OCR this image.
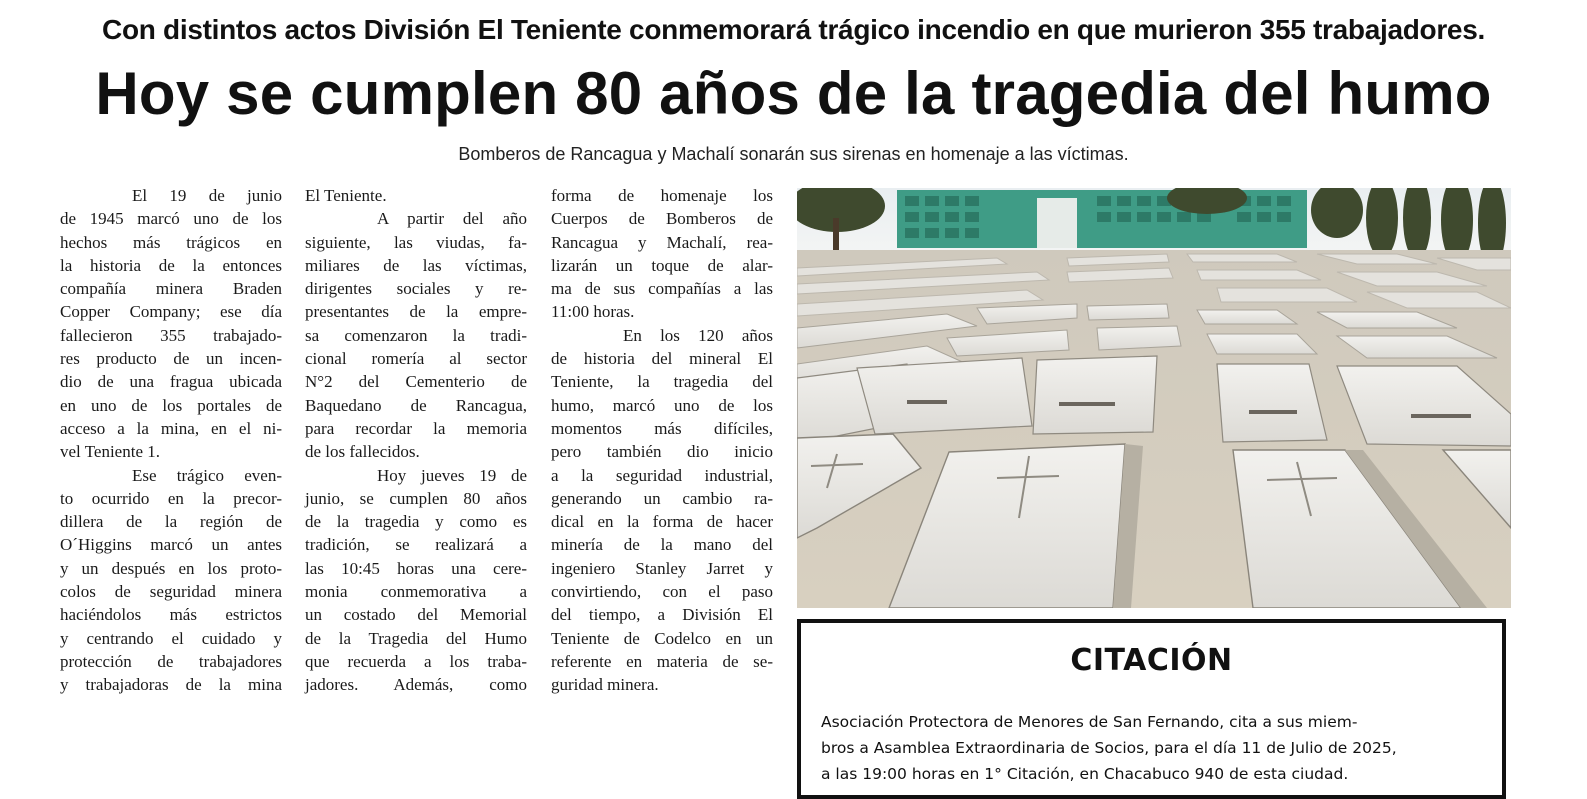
Con distintos actos División El Teniente conmemorará trágico incendio en que murieron 355 trabajadores.
Hoy se cumplen 80 años de la tragedia del humo
Bomberos de Rancagua y Machalí sonarán sus sirenas en homenaje a las víctimas.
El 19 de junio
de 1945 marcó uno de los
hechos más trágicos en
la historia de la entonces
compañía minera Braden
Copper Company; ese día
fallecieron 355 trabajado-
res producto de un incen-
dio de una fragua ubicada
en uno de los portales de
acceso a la mina, en el ni-
vel Teniente 1.
Ese trágico even-
to ocurrido en la precor-
dillera de la región de
O´Higgins marcó un antes
y un después en los proto-
colos de seguridad minera
haciéndolos más estrictos
y centrando el cuidado y
protección de trabajadores
y trabajadoras de la mina
El Teniente.
A partir del año
siguiente, las viudas, fa-
miliares de las víctimas,
dirigentes sociales y re-
presentantes de la empre-
sa comenzaron la tradi-
cional romería al sector
N°2 del Cementerio de
Baquedano de Rancagua,
para recordar la memoria
de los fallecidos.
Hoy jueves 19 de
junio, se cumplen 80 años
de la tragedia y como es
tradición, se realizará a
las 10:45 horas una cere-
monia conmemorativa a
un costado del Memorial
de la Tragedia del Humo
que recuerda a los traba-
jadores. Además, como
forma de homenaje los
Cuerpos de Bomberos de
Rancagua y Machalí, rea-
lizarán un toque de alar-
ma de sus compañías a las
11:00 horas.
En los 120 años
de historia del mineral El
Teniente, la tragedia del
humo, marcó uno de los
momentos más difíciles,
pero también dio inicio
a la seguridad industrial,
generando un cambio ra-
dical en la forma de hacer
minería de la mano del
ingeniero Stanley Jarret y
convirtiendo, con el paso
del tiempo, a División El
Teniente de Codelco en un
referente en materia de se-
guridad minera.
CITACIÓN
Asociación Protectora de Menores de San Fernando, cita a sus miem-
bros a Asamblea Extraordinaria de Socios, para el día 11 de Julio de 2025,
a las 19:00 horas en 1° Citación, en Chacabuco 940 de esta ciudad.
